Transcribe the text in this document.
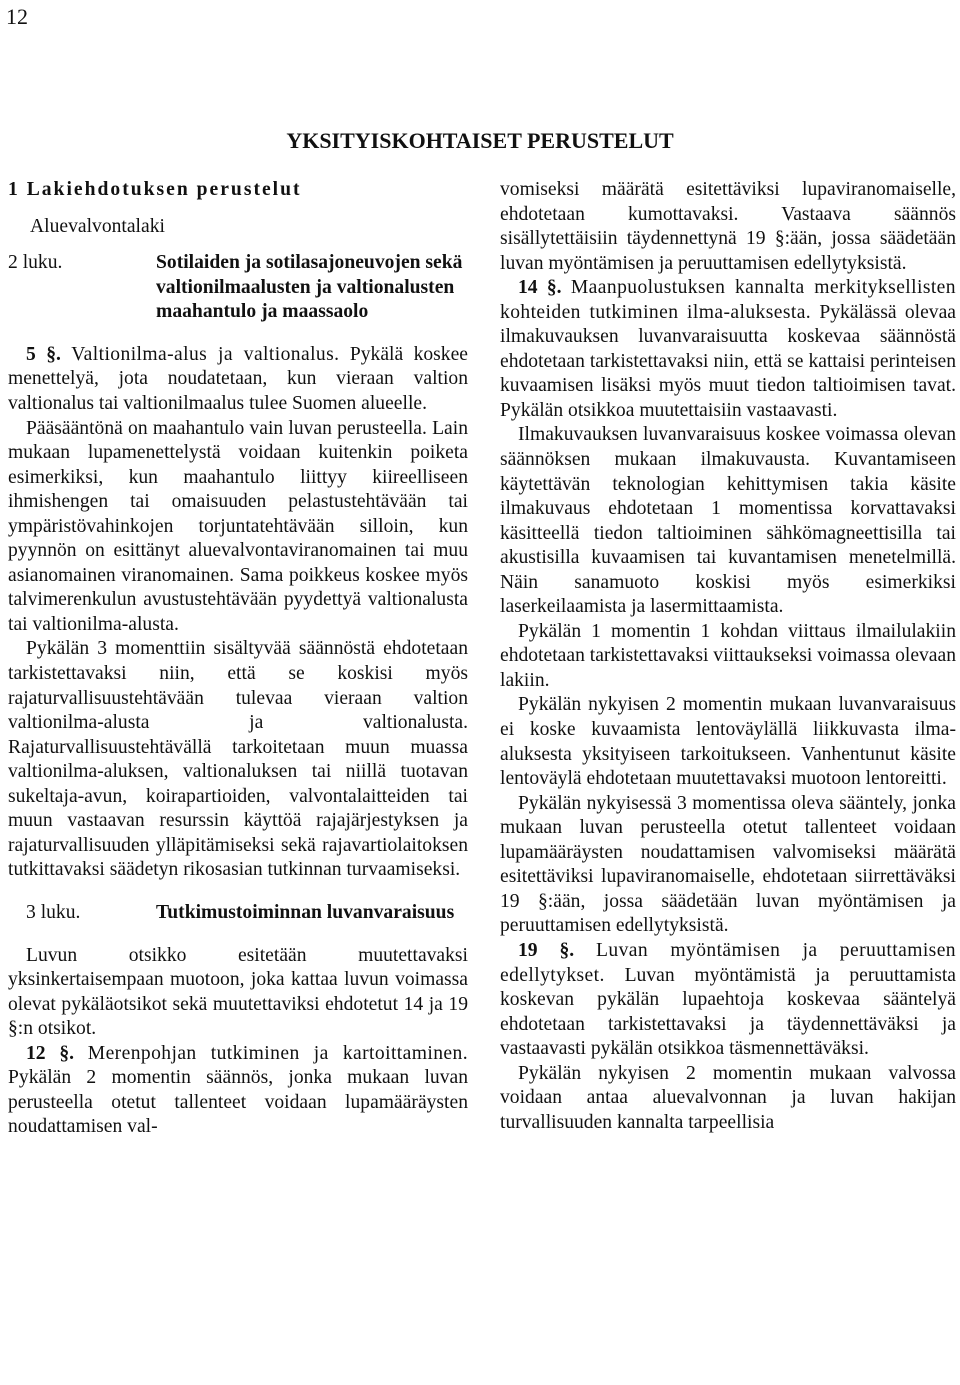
12
YKSITYISKOHTAISET PERUSTELUT

1 Lakiehdotuksen perustelut

Aluevalvontalaki

2 luku.	Sotilaiden ja sotilasajoneuvojen sekä valtionilmaalusten ja valtionalusten maahantulo ja maassaolo

5 §. Valtionilma-alus ja valtionalus. Pykälä koskee menettelyä, jota noudatetaan, kun vieraan valtion valtionalus tai valtionilmaalus tulee Suomen alueelle.

Pääsääntönä on maahantulo vain luvan perusteella. Lain mukaan lupamenettelystä voidaan kuitenkin poiketa esimerkiksi, kun maahantulo liittyy kiireelliseen ihmishengen tai omaisuuden pelastustehtävään tai ympäristövahinkojen torjuntatehtävään silloin, kun pyynnön on esittänyt aluevalvontaviranomainen tai muu asianomainen viranomainen. Sama poikkeus koskee myös talvimerenkulun avustustehtävään pyydettyä valtionalusta tai valtionilma-alusta.

Pykälän 3 momenttiin sisältyvää säännöstä ehdotetaan tarkistettavaksi niin, että se koskisi myös rajaturvallisuustehtävään tulevaa vieraan valtion valtionilma-alusta ja valtionalusta. Rajaturvallisuustehtävällä tarkoitetaan muun muassa valtionilma-aluksen, valtionaluksen tai niillä tuotavan sukeltaja-avun, koirapartioiden, valvontalaitteiden tai muun vastaavan resurssin käyttöä rajajärjestyksen ja rajaturvallisuuden ylläpitämiseksi sekä rajavartiolaitoksen tutkittavaksi säädetyn rikosasian tutkinnan turvaamiseksi.

3 luku.	Tutkimustoiminnan luvanvaraisuus

Luvun otsikko esitetään muutettavaksi yksinkertaisempaan muotoon, joka kattaa luvun voimassa olevat pykäläotsikot sekä muutettaviksi ehdotetut 14 ja 19 §:n otsikot.

12 §. Merenpohjan tutkiminen ja kartoittaminen. Pykälän 2 momentin säännös, jonka mukaan luvan perusteella otetut tallenteet voidaan lupamääräysten noudattamisen val-

vomiseksi määrätä esitettäviksi lupaviranomaiselle, ehdotetaan kumottavaksi. Vastaava säännös sisällytettäisiin täydennettynä 19 §:ään, jossa säädetään luvan myöntämisen ja peruuttamisen edellytyksistä.

14 §. Maanpuolustuksen kannalta merkityksellisten kohteiden tutkiminen ilma-aluksesta. Pykälässä olevaa ilmakuvauksen luvanvaraisuutta koskevaa säännöstä ehdotetaan tarkistettavaksi niin, että se kattaisi perinteisen kuvaamisen lisäksi myös muut tiedon taltioimisen tavat. Pykälän otsikkoa muutettaisiin vastaavasti.

Ilmakuvauksen luvanvaraisuus koskee voimassa olevan säännöksen mukaan ilmakuvausta. Kuvantamiseen käytettävän teknologian kehittymisen takia käsite ilmakuvaus ehdotetaan 1 momentissa korvattavaksi käsitteellä tiedon taltioiminen sähkömagneettisilla tai akustisilla kuvaamisen tai kuvantamisen menetelmillä. Näin sanamuoto koskisi myös esimerkiksi laserkeilaamista ja lasermittaamista.

Pykälän 1 momentin 1 kohdan viittaus ilmailulakiin ehdotetaan tarkistettavaksi viittaukseksi voimassa olevaan lakiin.

Pykälän nykyisen 2 momentin mukaan luvanvaraisuus ei koske kuvaamista lentoväylällä liikkuvasta ilma-aluksesta yksityiseen tarkoitukseen. Vanhentunut käsite lentoväylä ehdotetaan muutettavaksi muotoon lentoreitti.

Pykälän nykyisessä 3 momentissa oleva sääntely, jonka mukaan luvan perusteella otetut tallenteet voidaan lupamääräysten noudattamisen valvomiseksi määrätä esitettäviksi lupaviranomaiselle, ehdotetaan siirrettäväksi 19 §:ään, jossa säädetään luvan myöntämisen ja peruuttamisen edellytyksistä.

19 §. Luvan myöntämisen ja peruuttamisen edellytykset. Luvan myöntämistä ja peruuttamista koskevan pykälän lupaehtoja koskevaa sääntelyä ehdotetaan tarkistettavaksi ja täydennettäväksi ja vastaavasti pykälän otsikkoa täsmennettäväksi.

Pykälän nykyisen 2 momentin mukaan valvossa voidaan antaa aluevalvonnan ja luvan hakijan turvallisuuden kannalta tarpeellisia
